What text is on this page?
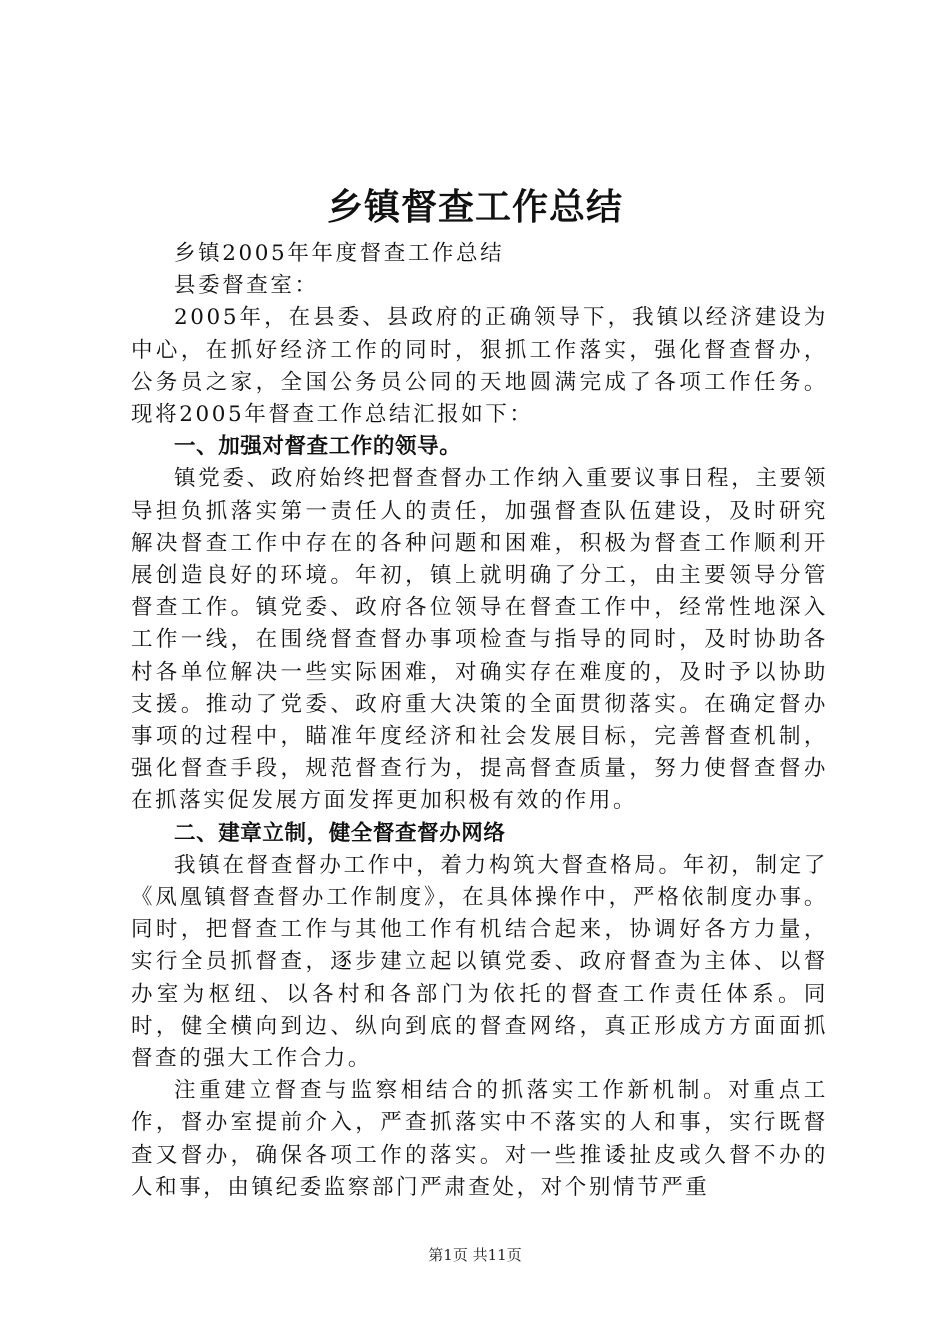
乡镇督查工作总结

乡镇2005年年度督查工作总结

县委督查室：

2005年，在县委、县政府的正确领导下，我镇以经济建设为中心，在抓好经济工作的同时，狠抓工作落实，强化督查督办，公务员之家，全国公务员公同的天地圆满完成了各项工作任务。现将2005年督查工作总结汇报如下：

一、加强对督查工作的领导。

镇党委、政府始终把督查督办工作纳入重要议事日程，主要领导担负抓落实第一责任人的责任，加强督查队伍建设，及时研究解决督查工作中存在的各种问题和困难，积极为督查工作顺利开展创造良好的环境。年初，镇上就明确了分工，由主要领导分管督查工作。镇党委、政府各位领导在督查工作中，经常性地深入工作一线，在围绕督查督办事项检查与指导的同时，及时协助各村各单位解决一些实际困难，对确实存在难度的，及时予以协助支援。推动了党委、政府重大决策的全面贯彻落实。在确定督办事项的过程中，瞄准年度经济和社会发展目标，完善督查机制，强化督查手段，规范督查行为，提高督查质量，努力使督查督办在抓落实促发展方面发挥更加积极有效的作用。

二、建章立制，健全督查督办网络

我镇在督查督办工作中，着力构筑大督查格局。年初，制定了《凤凰镇督查督办工作制度》，在具体操作中，严格依制度办事。同时，把督查工作与其他工作有机结合起来，协调好各方力量，实行全员抓督查，逐步建立起以镇党委、政府督查为主体、以督办室为枢纽、以各村和各部门为依托的督查工作责任体系。同时，健全横向到边、纵向到底的督查网络，真正形成方方面面抓督查的强大工作合力。

注重建立督查与监察相结合的抓落实工作新机制。对重点工作，督办室提前介入，严查抓落实中不落实的人和事，实行既督查又督办，确保各项工作的落实。对一些推诿扯皮或久督不办的人和事，由镇纪委监察部门严肃查处，对个别情节严重

第1页 共11页
